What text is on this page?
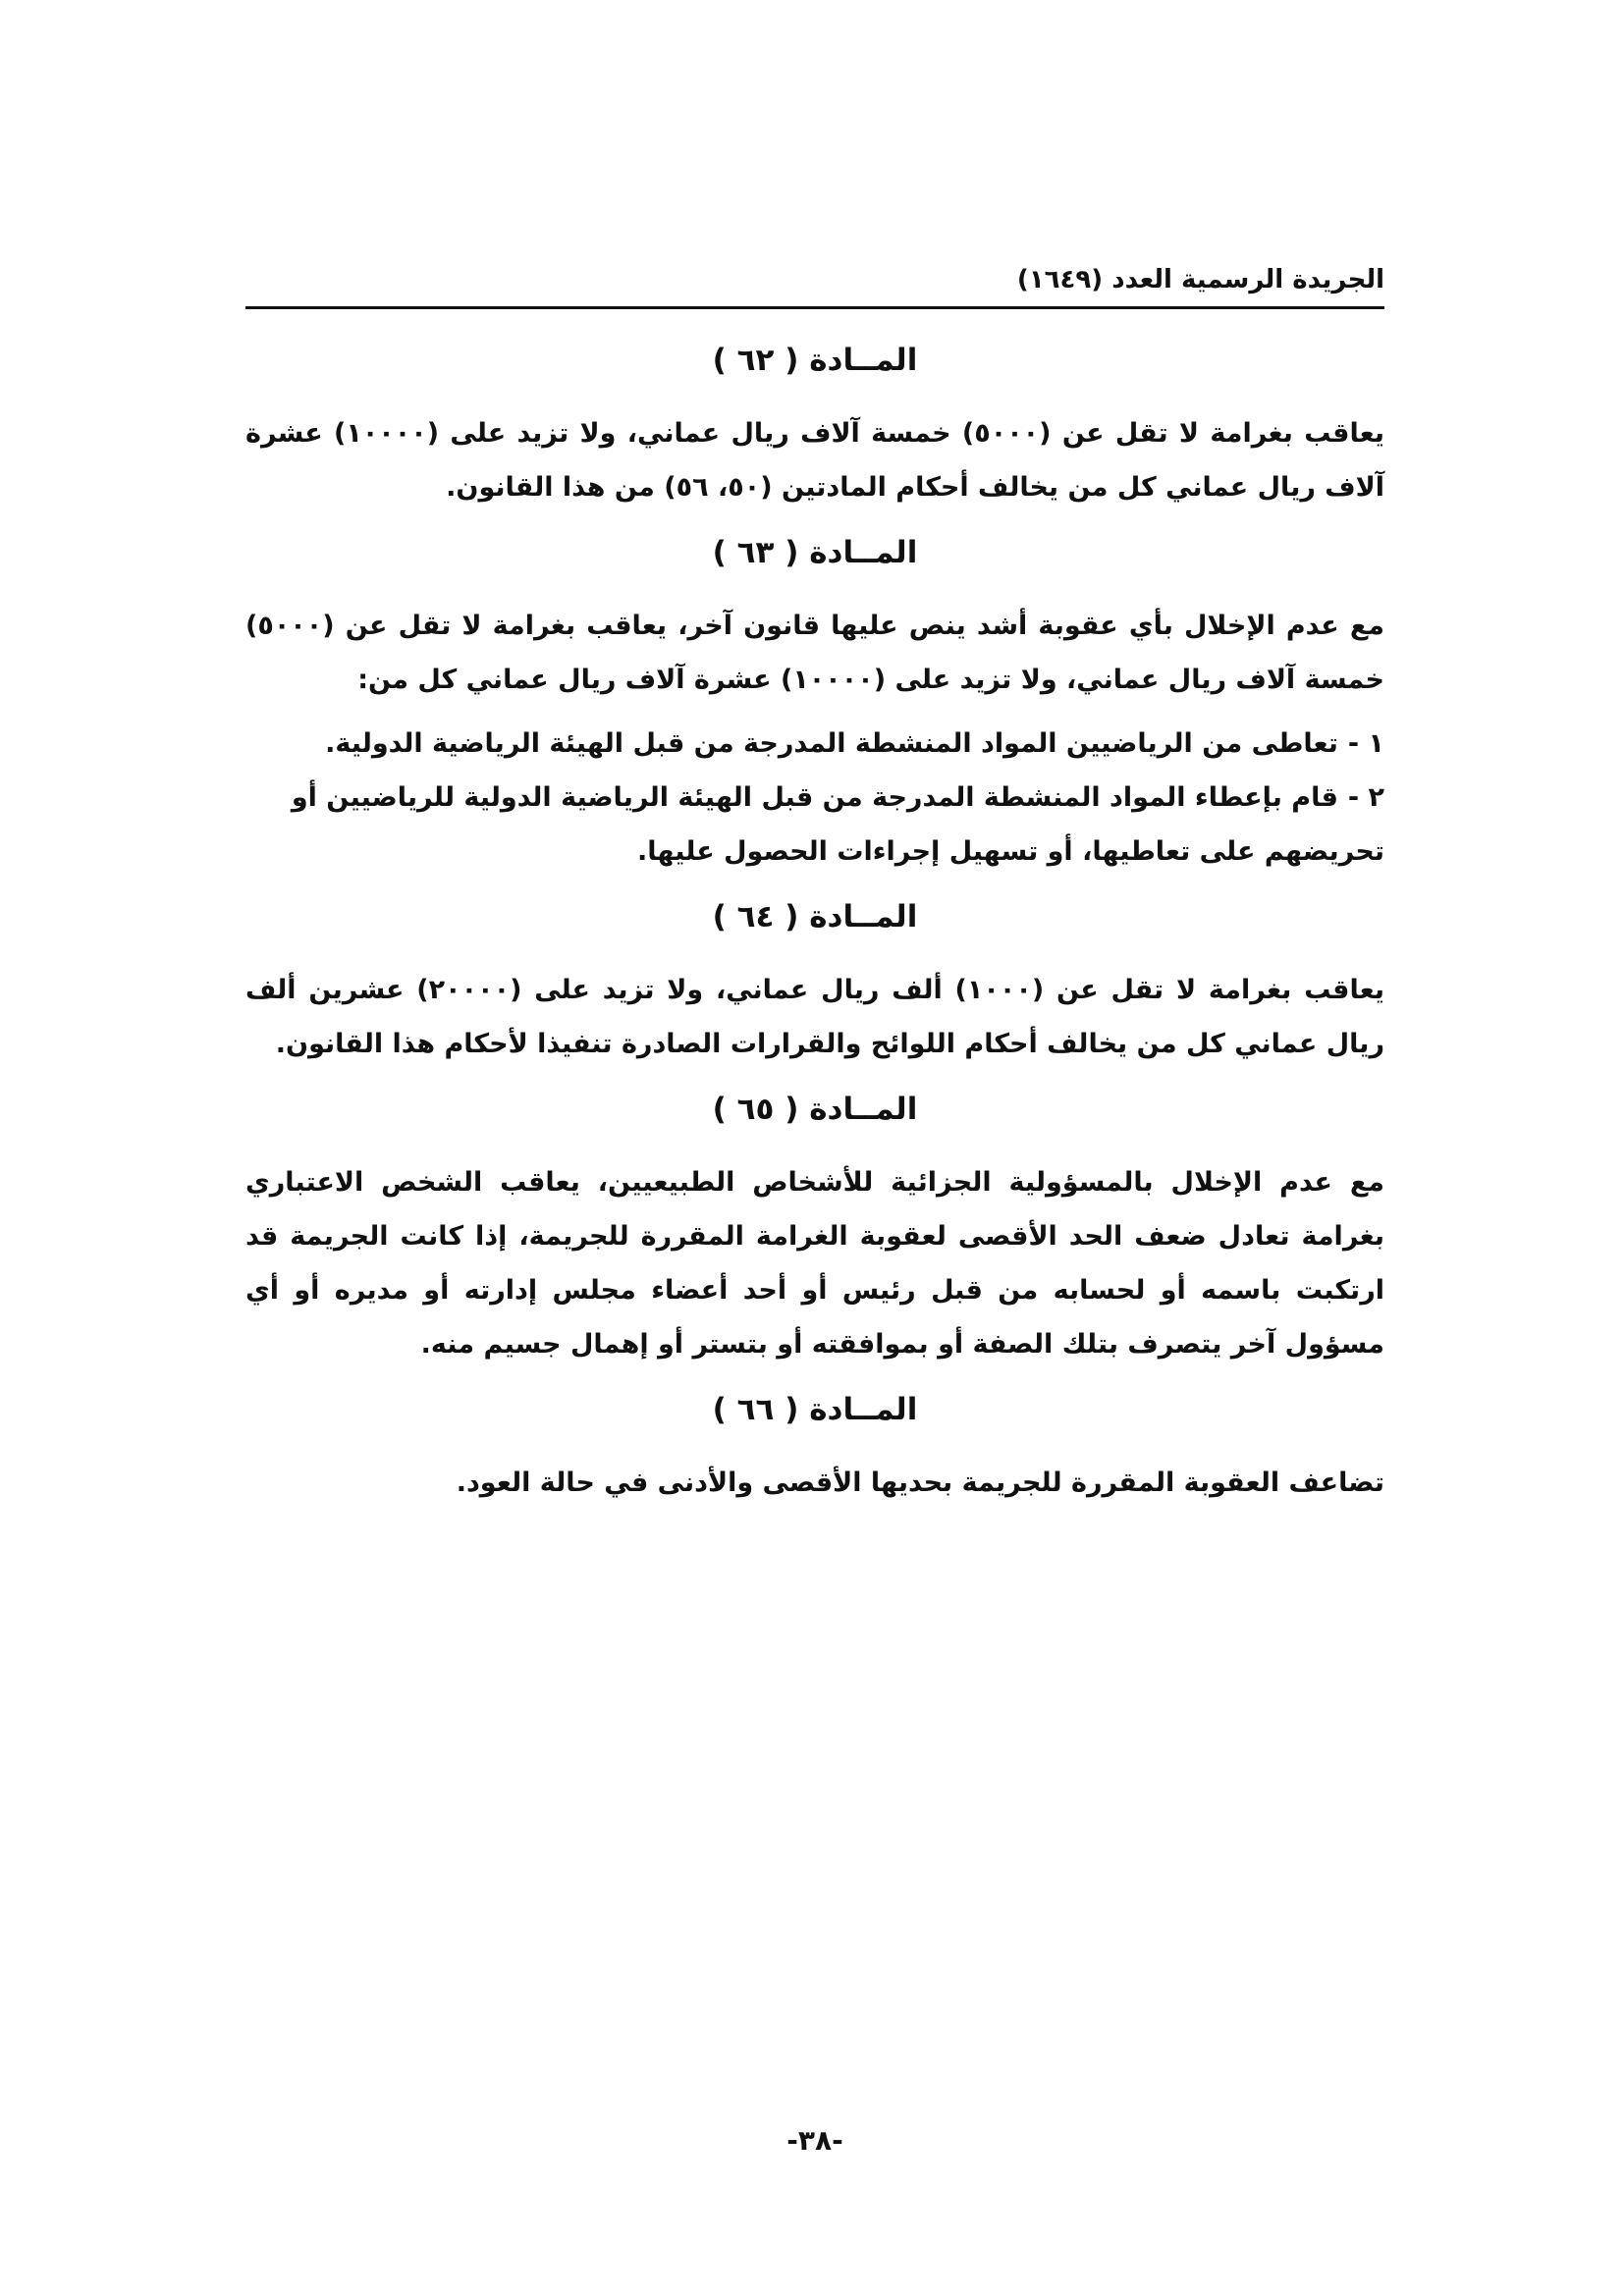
الجريدة الرسمية العدد (١٦٤٩)
المــادة ( ٦٢ )

يعاقب بغرامة لا تقل عن (٥٠٠٠) خمسة آلاف ريال عماني، ولا تزيد على (١٠٠٠٠) عشرة آلاف ريال عماني كل من يخالف أحكام المادتين (٥٠، ٥٦) من هذا القانون.

المــادة ( ٦٣ )

مع عدم الإخلال بأي عقوبة أشد ينص عليها قانون آخر، يعاقب بغرامة لا تقل عن (٥٠٠٠) خمسة آلاف ريال عماني، ولا تزيد على (١٠٠٠٠) عشرة آلاف ريال عماني كل من:

١ -تعاطى من الرياضيين المواد المنشطة المدرجة من قبل الهيئة الرياضية الدولية.
٢ -قام بإعطاء المواد المنشطة المدرجة من قبل الهيئة الرياضية الدولية للرياضيين أو تحريضهم على تعاطيها، أو تسهيل إجراءات الحصول عليها.
المــادة ( ٦٤ )

يعاقب بغرامة لا تقل عن (١٠٠٠) ألف ريال عماني، ولا تزيد على (٢٠٠٠٠) عشرين ألف ريال عماني كل من يخالف أحكام اللوائح والقرارات الصادرة تنفيذا لأحكام هذا القانون.

المــادة ( ٦٥ )

مع عدم الإخلال بالمسؤولية الجزائية للأشخاص الطبيعيين، يعاقب الشخص الاعتباري بغرامة تعادل ضعف الحد الأقصى لعقوبة الغرامة المقررة للجريمة، إذا كانت الجريمة قد ارتكبت باسمه أو لحسابه من قبل رئيس أو أحد أعضاء مجلس إدارته أو مديره أو أي مسؤول آخر يتصرف بتلك الصفة أو بموافقته أو بتستر أو إهمال جسيم منه.

المــادة ( ٦٦ )

تضاعف العقوبة المقررة للجريمة بحديها الأقصى والأدنى في حالة العود.

-٣٨-
